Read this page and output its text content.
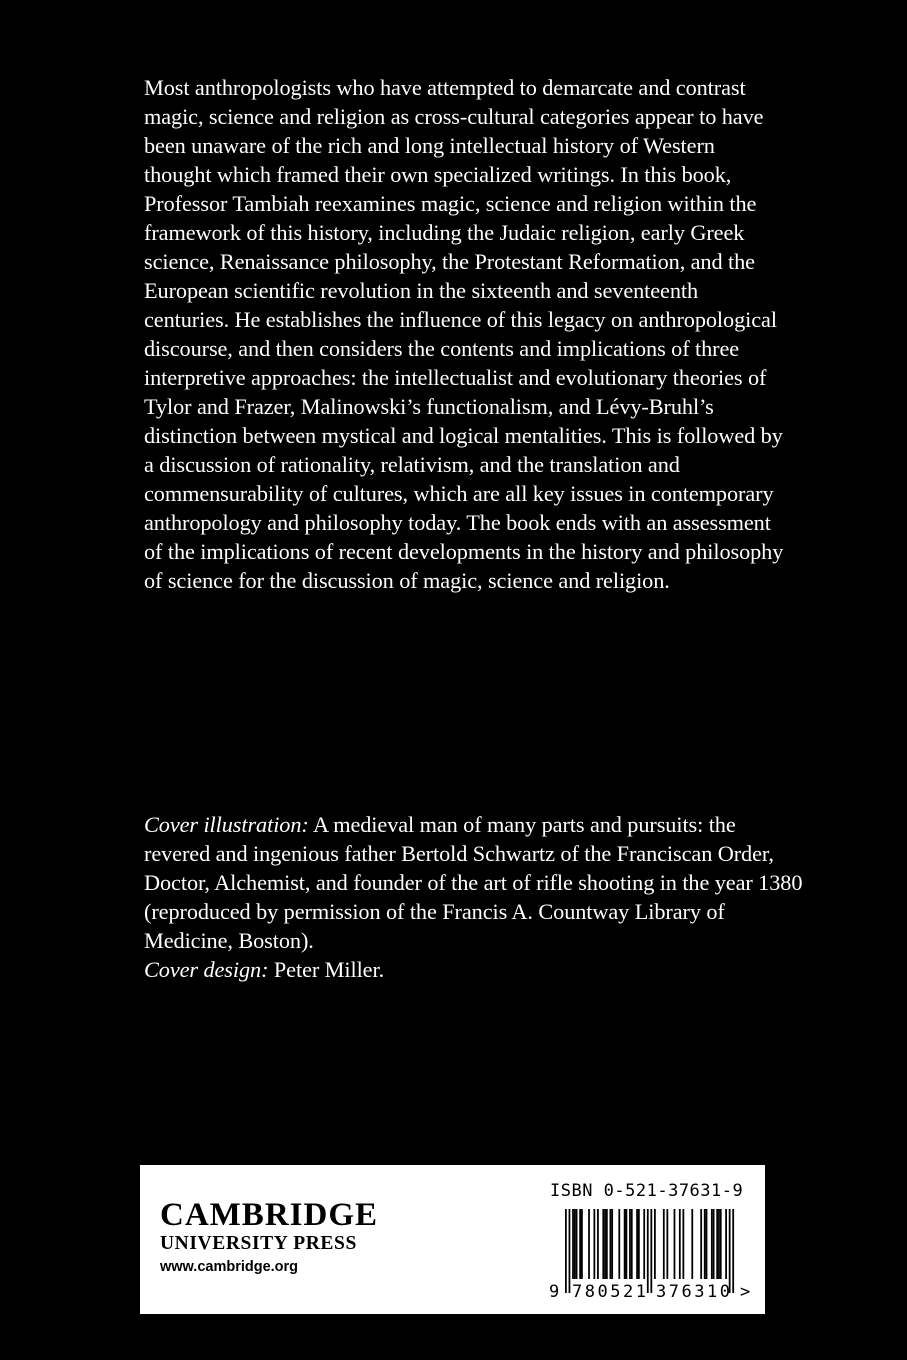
Most anthropologists who have attempted to demarcate and contrast magic, science and religion as cross-cultural categories appear to have been unaware of the rich and long intellectual history of Western thought which framed their own specialized writings. In this book, Professor Tambiah reexamines magic, science and religion within the framework of this history, including the Judaic religion, early Greek science, Renaissance philosophy, the Protestant Reformation, and the European scientific revolution in the sixteenth and seventeenth centuries. He establishes the influence of this legacy on anthropological discourse, and then considers the contents and implications of three interpretive approaches: the intellectualist and evolutionary theories of Tylor and Frazer, Malinowski’s functionalism, and Lévy-Bruhl’s distinction between mystical and logical mentalities. This is followed by a discussion of rationality, relativism, and the translation and commensurability of cultures, which are all key issues in contemporary anthropology and philosophy today. The book ends with an assessment of the implications of recent developments in the history and philosophy of science for the discussion of magic, science and religion.

Cover illustration: A medieval man of many parts and pursuits: the revered and ingenious father Bertold Schwartz of the Franciscan Order, Doctor, Alchemist, and founder of the art of rifle shooting in the year 1380 (reproduced by permission of the Francis A. Countway Library of Medicine, Boston).

Cover design: Peter Miller.

CAMBRIDGE
UNIVERSITY PRESS
www.cambridge.org
ISBN 0-521-37631-9
9 780521 376310 >
